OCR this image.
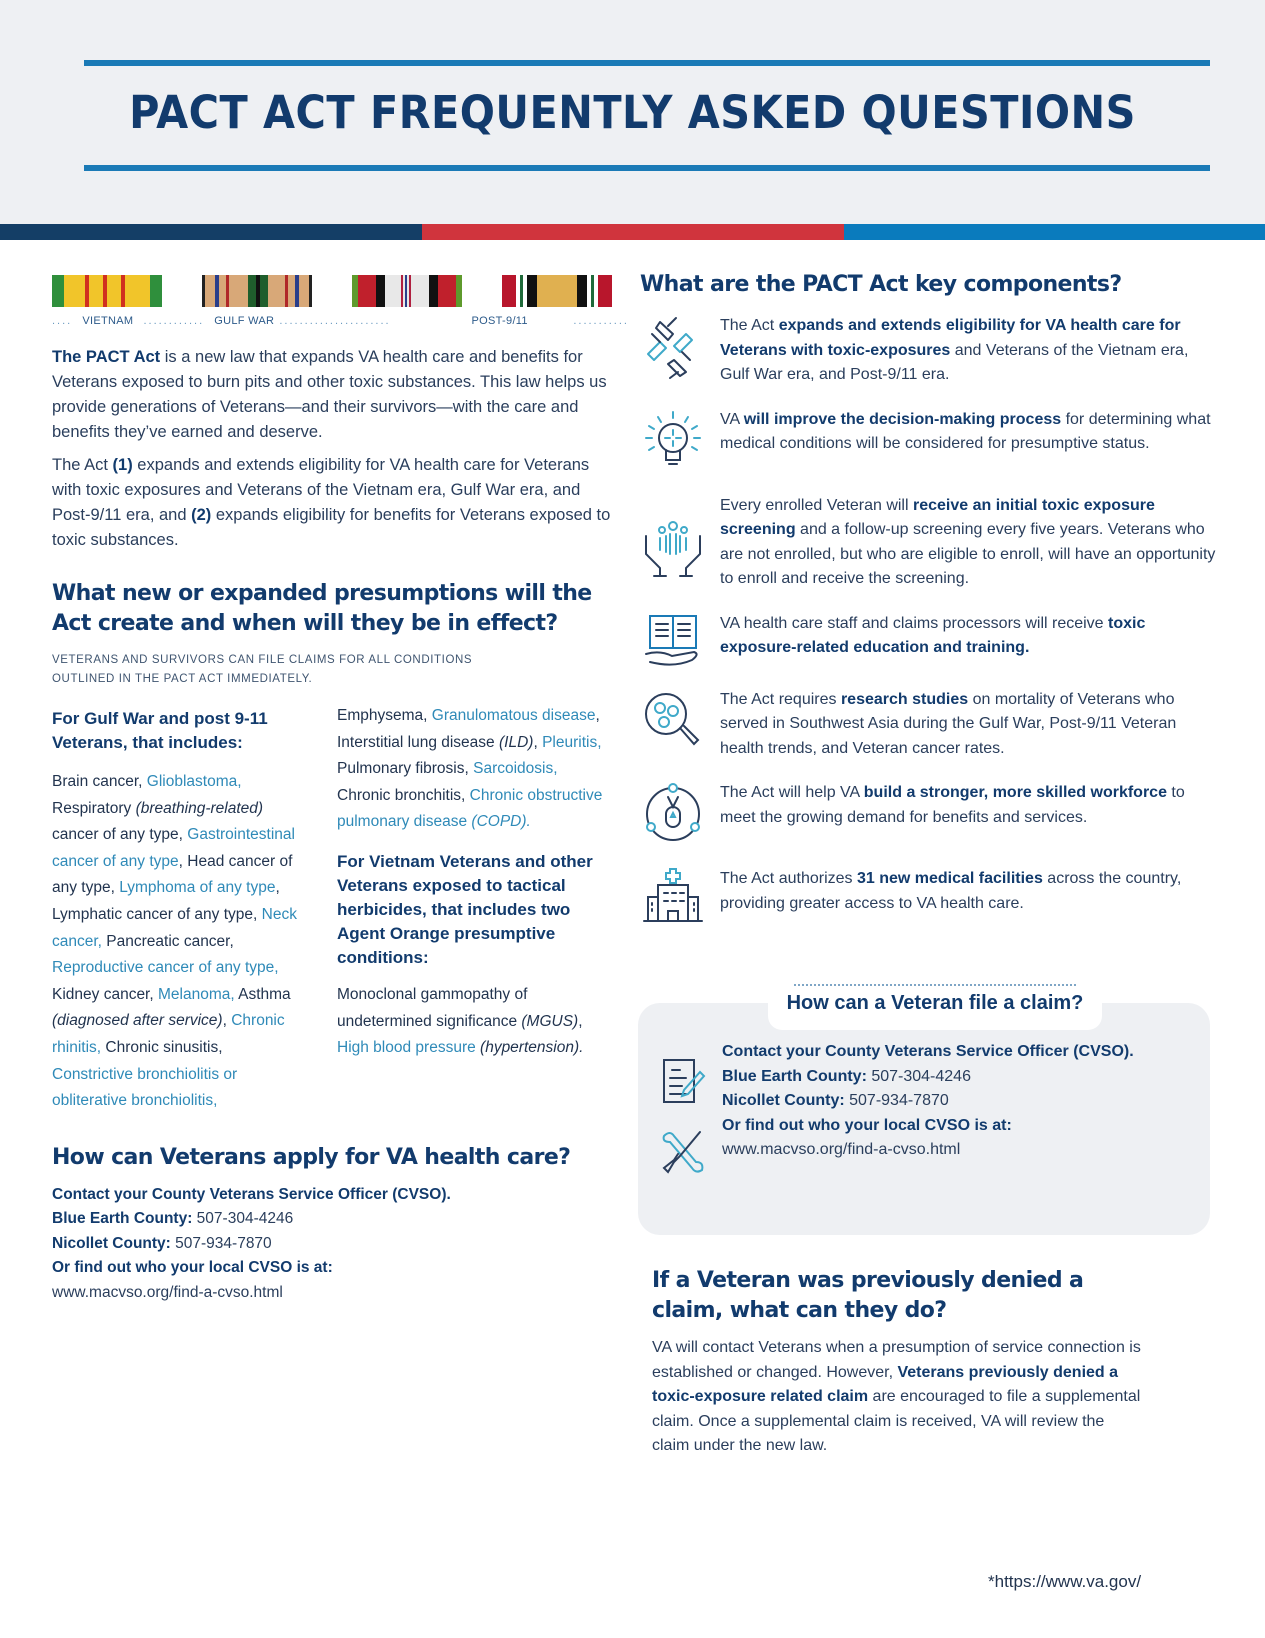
PACT ACT FREQUENTLY ASKED QUESTIONS
.... VIETNAM ............ GULF WAR ...................... POST-9/11 ...........

The PACT Act is a new law that expands VA health care and benefits for Veterans exposed to burn pits and other toxic substances. This law helps us provide generations of Veterans—and their survivors—with the care and benefits they’ve earned and deserve.

The Act (1) expands and extends eligibility for VA health care for Veterans with toxic exposures and Veterans of the Vietnam era, Gulf War era, and Post-9/11 era, and (2) expands eligibility for benefits for Veterans exposed to toxic substances.

What new or expanded presumptions will the Act create and when will they be in effect?
VETERANS AND SURVIVORS CAN FILE CLAIMS FOR ALL CONDITIONS
OUTLINED IN THE PACT ACT IMMEDIATELY.
For Gulf War and post 9-11 Veterans, that includes:
Brain cancer, Glioblastoma, Respiratory (breathing-related) cancer of any type, Gastrointestinal cancer of any type, Head cancer of any type, Lymphoma of any type, Lymphatic cancer of any type, Neck cancer, Pancreatic cancer, Reproductive cancer of any type, Kidney cancer, Melanoma, Asthma (diagnosed after service), Chronic rhinitis, Chronic sinusitis, Constrictive bronchiolitis or obliterative bronchiolitis,
Emphysema, Granulomatous disease, Interstitial lung disease (ILD), Pleuritis, Pulmonary fibrosis, Sarcoidosis, Chronic bronchitis, Chronic obstructive pulmonary disease (COPD).
For Vietnam Veterans and other Veterans exposed to tactical herbicides, that includes two Agent Orange presumptive conditions:
Monoclonal gammopathy of undetermined significance (MGUS), High blood pressure (hypertension).
How can Veterans apply for VA health care?
Contact your County Veterans Service Officer (CVSO).
Blue Earth County: 507-304-4246
Nicollet County: 507-934-7870
Or find out who your local CVSO is at:
www.macvso.org/find-a-cvso.html
What are the PACT Act key components?
The Act expands and extends eligibility for VA health care for Veterans with toxic-exposures and Veterans of the Vietnam era, Gulf War era, and Post-9/11 era.
VA will improve the decision-making process for determining what medical conditions will be considered for presumptive status.
Every enrolled Veteran will receive an initial toxic exposure screening and a follow-up screening every five years. Veterans who are not enrolled, but who are eligible to enroll, will have an opportunity to enroll and receive the screening.
VA health care staff and claims processors will receive toxic exposure-related education and training.
The Act requires research studies on mortality of Veterans who served in Southwest Asia during the Gulf War, Post-9/11 Veteran health trends, and Veteran cancer rates.
The Act will help VA build a stronger, more skilled workforce to meet the growing demand for benefits and services.
The Act authorizes 31 new medical facilities across the country, providing greater access to VA health care.
How can a Veteran file a claim?
Contact your County Veterans Service Officer (CVSO).
Blue Earth County: 507-304-4246
Nicollet County: 507-934-7870
Or find out who your local CVSO is at:
www.macvso.org/find-a-cvso.html
If a Veteran was previously denied a claim, what can they do?

VA will contact Veterans when a presumption of service connection is established or changed. However, Veterans previously denied a toxic-exposure related claim are encouraged to file a supplemental claim. Once a supplemental claim is received, VA will review the claim under the new law.

*https://www.va.gov/
